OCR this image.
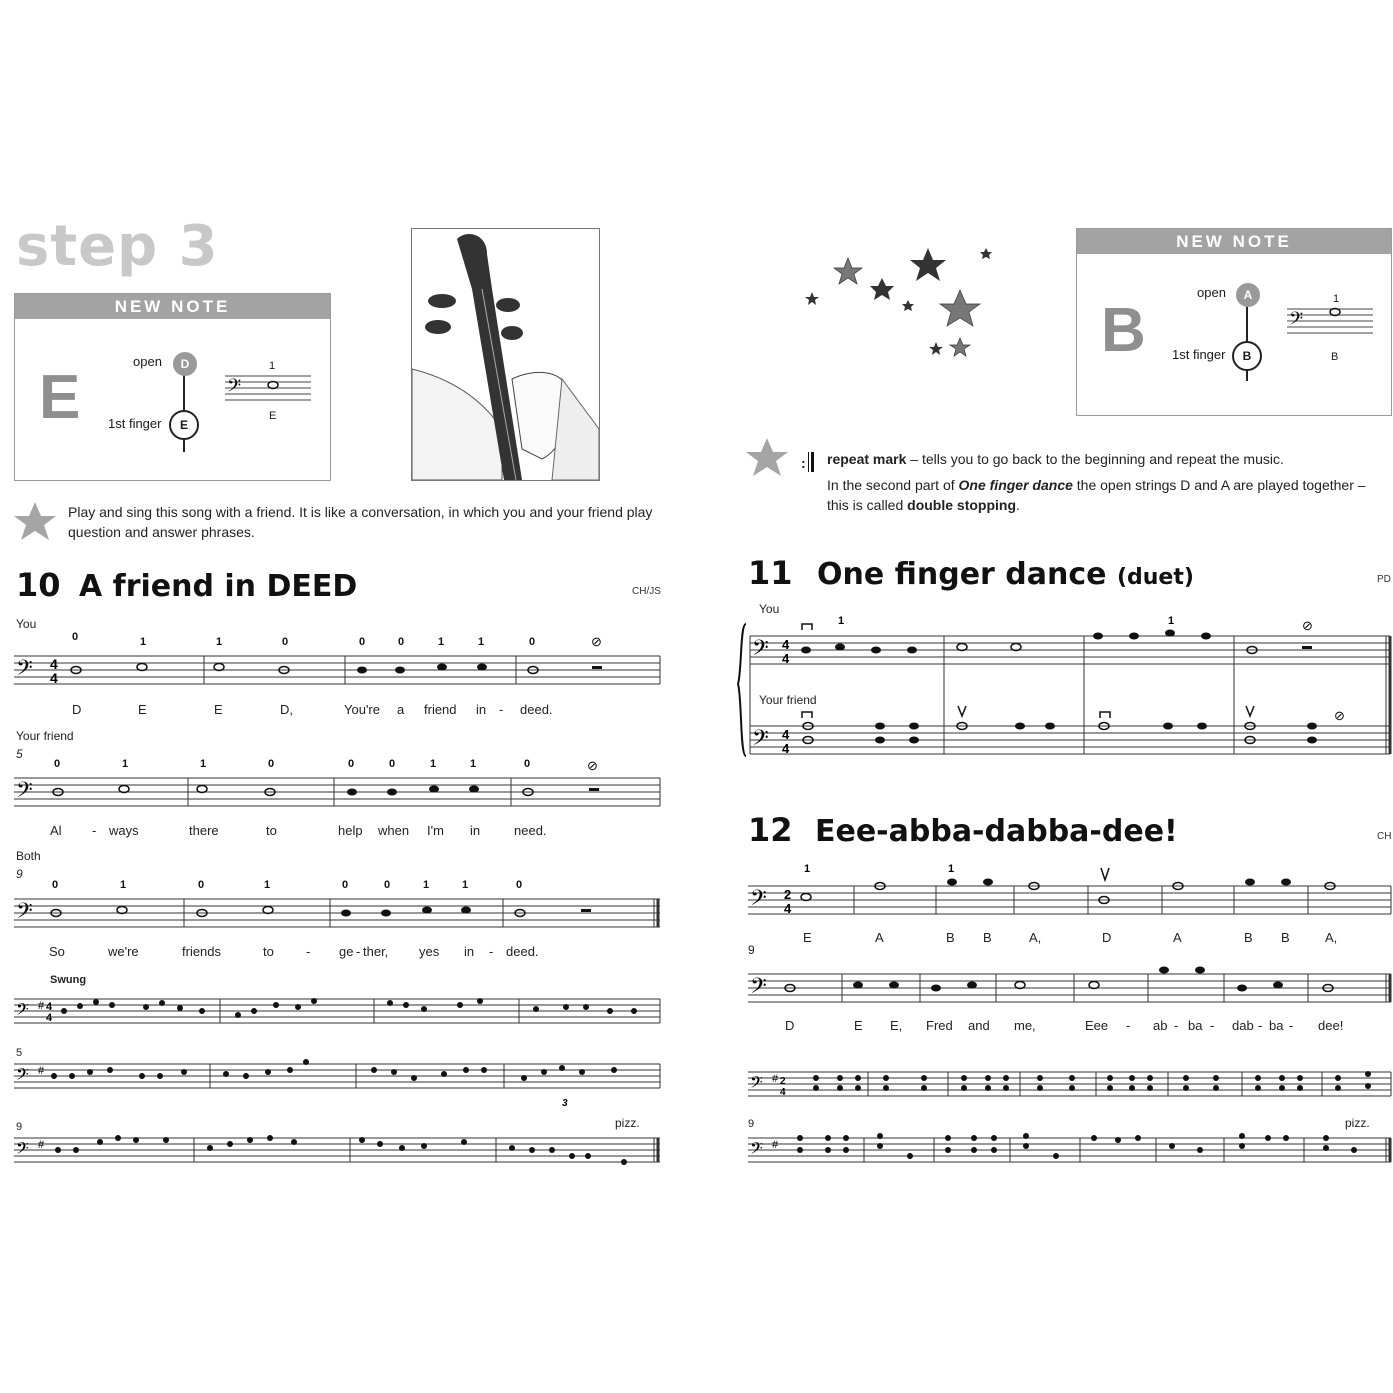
step 3
NEW NOTE
E
open	D
1st finger	E
𝄢
1
E
Play and sing this song with a friend. It is like a conversation, in which you and your friend play question and answer phrases.
10 A friend in DEED	CH/JS
You
𝄢 4
4
0	1	1	0	0	0	1	1	0	⊘
D	E	E	D,	You're a friend in - deed.
Your friend
5
𝄢
0	1	1	0	0	0	1	1	0	⊘
Al - ways	there	to	help when I'm in	need.
Both
9
𝄢
0	1	0	1	0	0	1	1	0
So	we're	friends	to - ge - ther, yes in - deed.
Swung
𝄢 # 4
4
5
𝄢 #
3
9	pizz.
𝄢 #
NEW NOTE
B
open	A
1st finger	B
𝄢
1
B
: repeat mark – tells you to go back to the beginning and repeat the music.
In the second part of One finger dance the open strings D and A are played together – this is called double stopping.
11 One finger dance (duet)	PD
You
Your friend
𝄢
𝄢
4
4
4
4
1	1	⊘
⊘
12 Eee-abba-dabba-dee!	CH
𝄢 2
4
1	1
E	A	B B	A,	D	A	B B	A,
9
𝄢
D	E E, Fred and me,	Eee - ab - ba - dab - ba - dee!
𝄢 # 2
4
9	pizz.
𝄢 #
